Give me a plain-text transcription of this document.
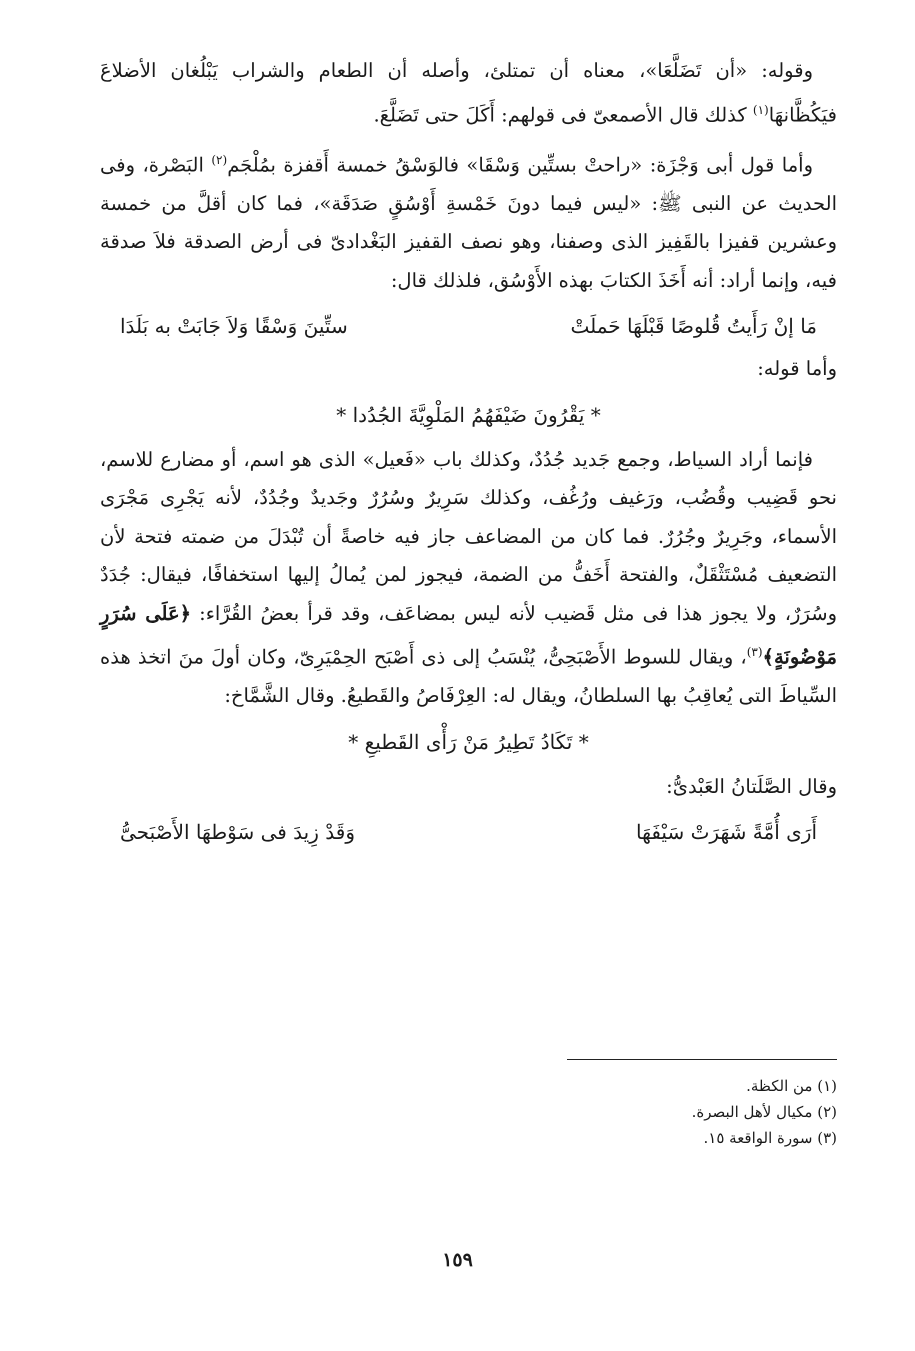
وقوله: «أن تَضَلَّعَا»، معناه أن تمتلئ، وأصله أن الطعام والشراب يَبْلُغان الأضلاعَ فيَكُظَّانهَا$^{(١)}$ كذلك قال الأصمعىّ فى قولهم: أَكَلَ حتى تَضَلَّعَ.

وأما قول أبى وَجْزَة: «راحتْ بستِّين وَسْقَا» فالوَسْقُ خمسة أَقفزة بمُلْجَم$^{(٢)}$ البَصْرة، وفى الحديث عن النبى ﷺ: «ليس فيما دونَ خَمْسةِ أَوْسُقٍ صَدَقَة»، فما كان أقلَّ من خمسة وعشرين قفيزا بالقَفِيز الذى وصفنا، وهو نصف القفيز البَغْدادىّ فى أرض الصدقة فلاَ صدقة فيه، وإنما أراد: أنه أَخَذَ الكتابَ بهذه الأَوْسُق، فلذلك قال:

مَا إنْ رَأَيتُ قُلوصًا قَبْلَهَا حَملَتْ
ستِّينَ وَسْقًا وَلاَ جَابَتْ به بَلَدَا

وأما قوله:

* يَقْرُونَ ضَيْفَهُمُ المَلْوِيَّةَ الجُدُدا *

فإنما أراد السياط، وجمع جَديد جُدُدٌ، وكذلك باب «فَعيل» الذى هو اسم، أو مضارع للاسم، نحو قَضِيب وقُضُب، ورَغيف ورُغُف، وكذلك سَرِيرٌ وسُرُرٌ وجَديدٌ وجُدُدٌ، لأنه يَجْرِى مَجْرَى الأسماء، وجَرِيرٌ وجُرُرٌ. فما كان من المضاعف جاز فيه خاصةً أن تُبْدَلَ من ضمته فتحة لأن التضعيف مُسْتَثْقَلٌ، والفتحة أَخَفُّ من الضمة، فيجوز لمن يُمالُ إليها استخفافًا، فيقال: جُدَدٌ وسُرَرٌ، ولا يجوز هذا فى مثل قَضيب لأنه ليس بمضاعَف، وقد قرأ بعضُ القُرَّاء: ﴿عَلَى سُرَرٍ مَوْضُونَةٍ﴾$^{(٣)}$، ويقال للسوط الأَصْبَحِىُّ، يُنْسَبُ إلى ذى أَصْبَح الحِمْيَرِىّ، وكان أولَ منَ اتخذ هذه السِّياطَ التى يُعاقِبُ بها السلطانُ، ويقال له: العِرْفَاصُ والقَطيعُ. وقال الشَّمَّاخ:

* تَكَادُ تَطِيرُ مَنْ رَأْى القَطيعِ *

وقال الصَّلَتانُ العَبْدىُّ:

أَرَى أُمَّةً شَهَرَتْ سَيْفَهَا
وَقَدْ زِيدَ فى سَوْطهَا الأَصْبَحىُّ
(١) من الكظة.
(٢) مكيال لأهل البصرة.
(٣) سورة الواقعة ١٥.
١٥٩
